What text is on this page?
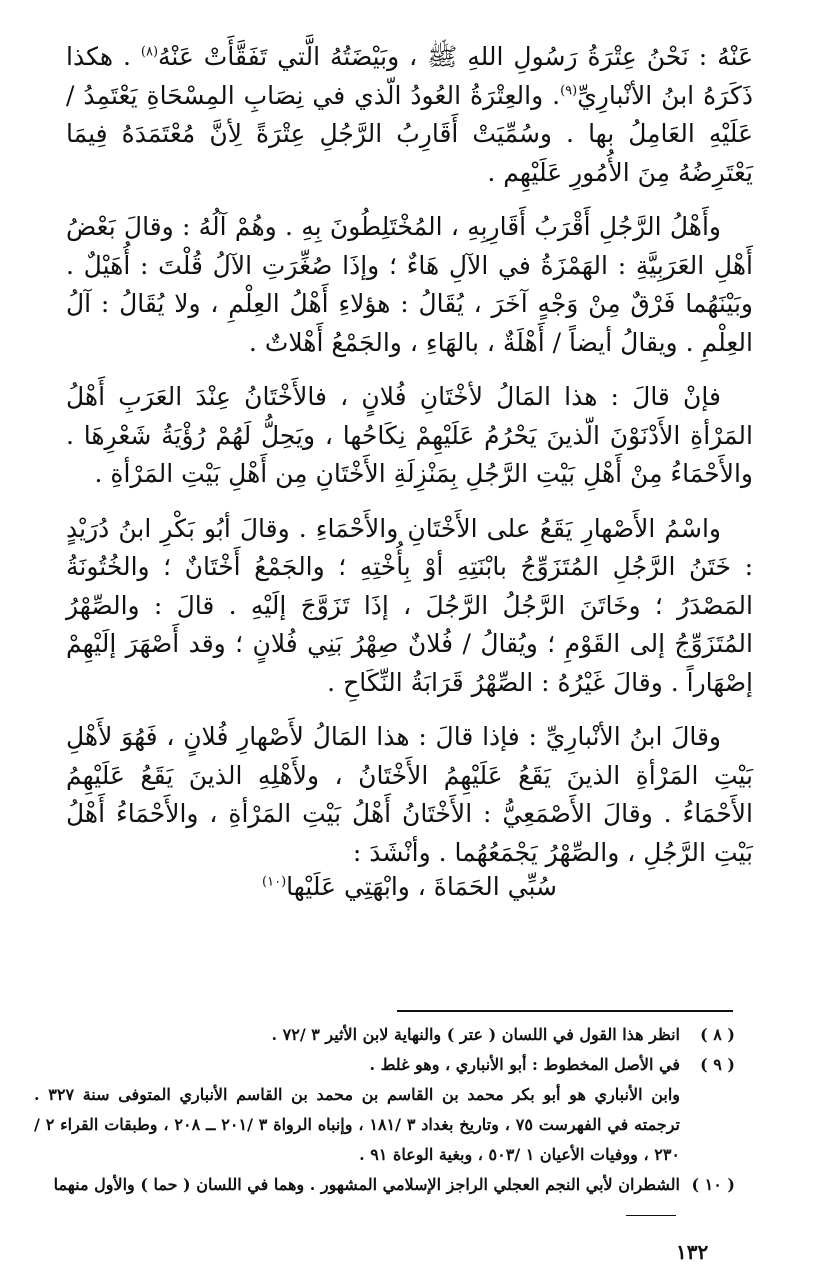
عَنْهُ : نَحْنُ عِتْرَةُ رَسُولِ اللهِ ﷺ ، وبَيْضَتُهُ الَّتي تَفَقَّأَتْ عَنْهُ$^{(٨)}$ . هكذا ذَكَرَهُ ابنُ الأنْبارِيِّ$^{(٩)}$. والعِتْرَةُ العُودُ الّذي في نِصَابِ المِسْحَاةِ يَعْتَمِدُ / عَلَيْهِ العَامِلُ بها . وسُمِّيَتْ أَقَارِبُ الرَّجُلِ عِتْرَةً لِأنَّ مُعْتَمَدَهُ فِيمَا يَعْتَرِضُهُ مِنَ الأُمُورِ عَلَيْهِم .

وأَهْلُ الرَّجُلِ أَقْرَبُ أَقَارِبِهِ ، المُخْتَلِطُونَ بِهِ . وهُمْ آلُهُ : وقالَ بَعْضُ أَهْلِ العَرَبِيَّةِ : الهَمْزَةُ في الآلِ هَاءٌ ؛ وإذَا صُغِّرَتِ الآلُ قُلْتَ : أُهَيْلٌ . وبَيْنَهُما فَرْقٌ مِنْ وَجْهٍ آخَرَ ، يُقَالُ : هؤلاءِ أَهْلُ العِلْمِ ، ولا يُقَالُ : آلُ العِلْمِ . ويقالُ أيضاً / أَهْلَةٌ ، بالهَاءِ ، والجَمْعُ أَهْلاتٌ .

فإنْ قالَ : هذا المَالُ لأخْتَانِ فُلانٍ ، فالأَخْتَانُ عِنْدَ العَرَبِ أَهْلُ المَرْأةِ الأَدْنَوْنَ الّذينَ يَحْرُمُ عَلَيْهِمْ نِكَاحُها ، ويَحِلُّ لَهُمْ رُؤْيَةُ شَعْرِهَا . والأَحْمَاءُ مِنْ أَهْلِ بَيْتِ الرَّجُلِ بِمَنْزِلَةِ الأَخْتَانِ مِن أَهْلِ بَيْتِ المَرْأةِ .

واسْمُ الأَصْهارِ يَقَعُ على الأَخْتَانِ والأَحْمَاءِ . وقالَ أبُو بَكْرِ ابنُ دُرَيْدٍ : خَتَنُ الرَّجُلِ المُتَزَوِّجُ بابْنَتِهِ أوْ بِأُخْتِهِ ؛ والجَمْعُ أَخْتَانٌ ؛ والخُتُونَةُ المَصْدَرُ ؛ وخَاتَنَ الرَّجُلُ الرَّجُلَ ، إذَا تَزَوَّجَ إلَيْهِ . قالَ : والصِّهْرُ المُتَزَوِّجُ إلى القَوْمِ ؛ ويُقالُ / فُلانٌ صِهْرُ بَنِي فُلانٍ ؛ وقد أَصْهَرَ إلَيْهِمْ إصْهَاراً . وقالَ غَيْرُهُ : الصِّهْرُ قَرَابَةُ النِّكَاحِ .

وقالَ ابنُ الأنْبارِيِّ : فإذا قالَ : هذا المَالُ لأَصْهارِ فُلانٍ ، فَهُوَ لأَهْلِ بَيْتِ المَرْأةِ الذينَ يَقَعُ عَلَيْهِمُ الأَخْتَانُ ، ولأَهْلِهِ الذينَ يَقَعُ عَلَيْهِمُ الأَحْمَاءُ . وقالَ الأَصْمَعِيُّ : الأَخْتَانُ أَهْلُ بَيْتِ المَرْأةِ ، والأَحْمَاءُ أَهْلُ بَيْتِ الرَّجُلِ ، والصِّهْرُ يَجْمَعُهُما . وأنْشَدَ :

سُبِّي الحَمَاةَ ، وابْهَتِي عَلَيْها$^{(١٠)}$
( ٨ )
انظر هذا القول في اللسان ( عتر ) والنهاية لابن الأثير ٣ /٧٢ .
( ٩ )
في الأصل المخطوط : أبو الأنباري ، وهو غلط .
وابن الأنباري هو أبو بكر محمد بن القاسم بن محمد بن القاسم الأنباري المتوفى سنة ٣٢٧ . ترجمته في الفهرست ٧٥ ، وتاريخ بغداد ٣ /١٨١ ، وإنباه الرواة ٣ /٢٠١ ــ ٢٠٨ ، وطبقات القراء ٢ /٢٣٠ ، ووفيات الأعيان ١ /٥٠٣ ، وبغية الوعاة ٩١ .
( ١٠ )
الشطران لأبي النجم العجلي الراجز الإسلامي المشهور . وهما في اللسان ( حما ) والأول منهما
١٣٢
